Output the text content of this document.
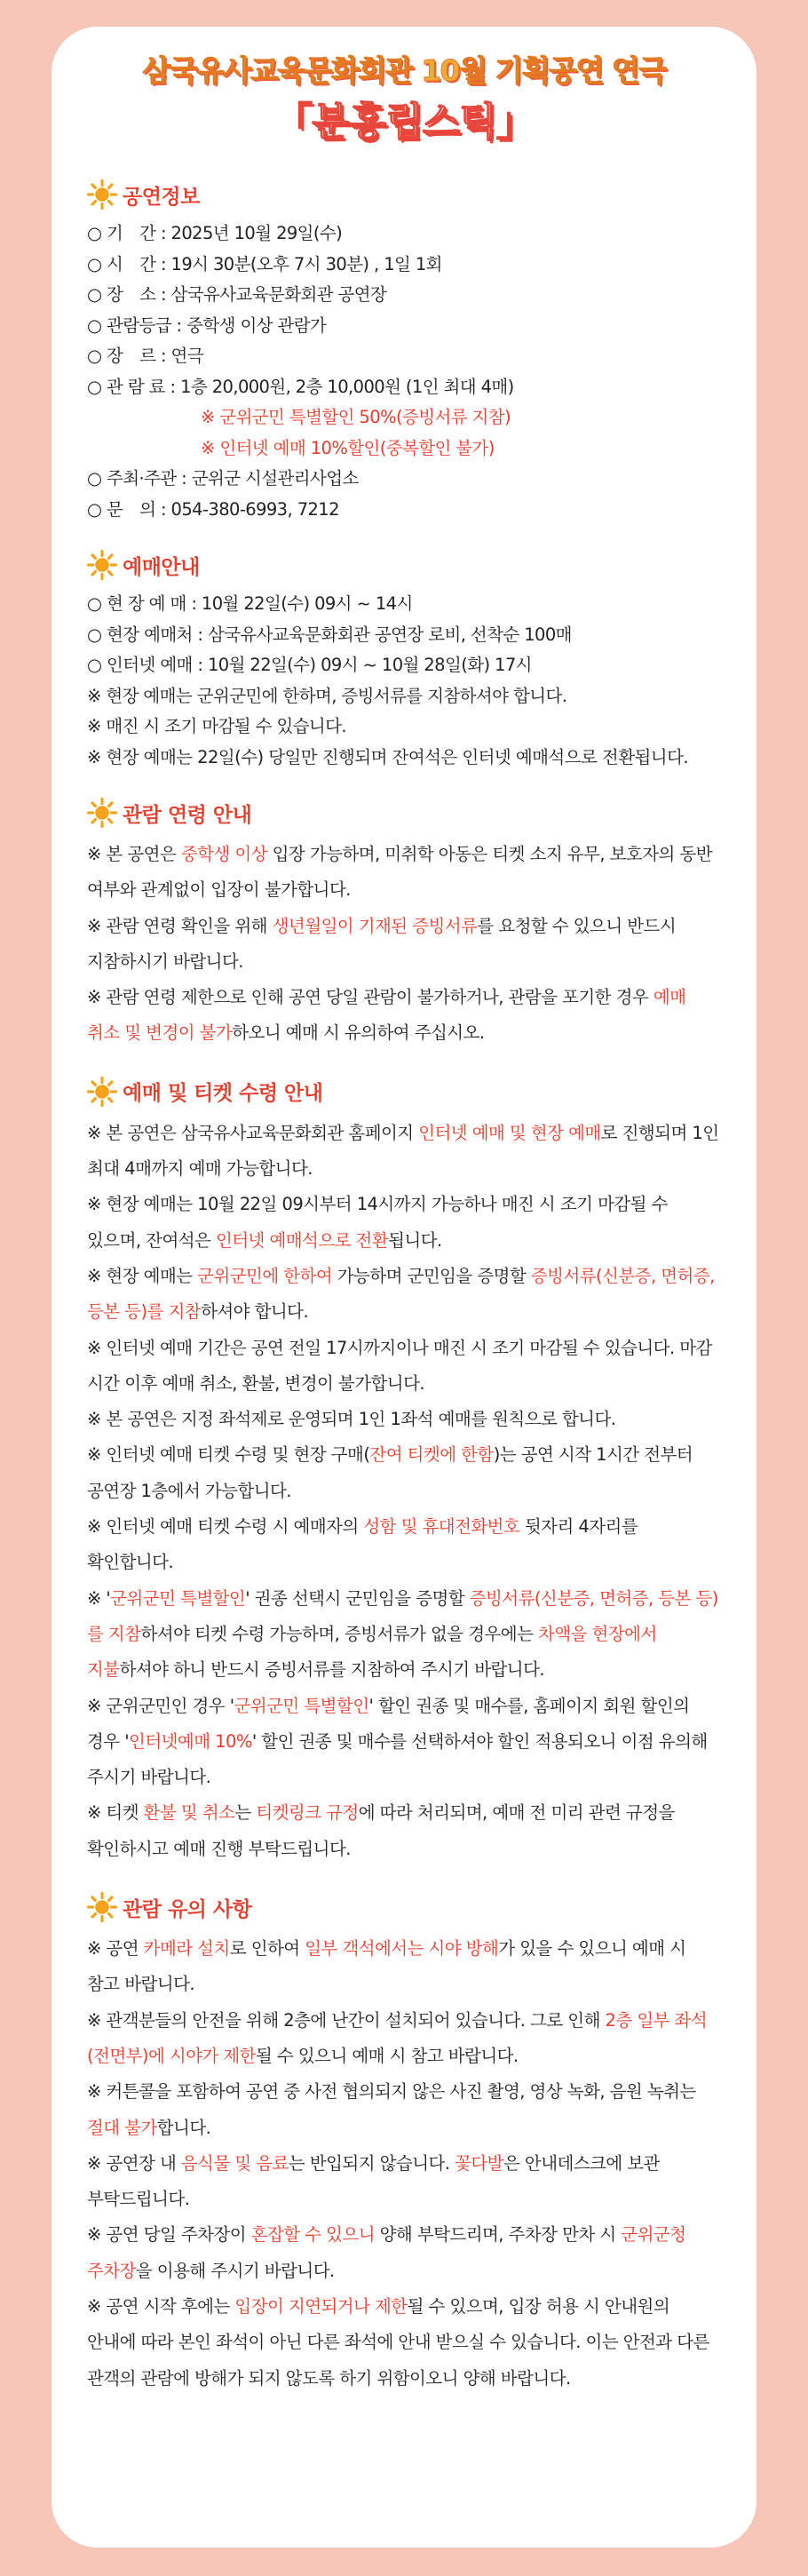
삼국유사교육문화회관 10월 기획공연 연극
「분홍립스틱」
공연정보
○ 기　간 : 2025년 10월 29일(수)
○ 시　간 : 19시 30분(오후 7시 30분) , 1일 1회
○ 장　소 : 삼국유사교육문화회관 공연장
○ 관람등급 : 중학생 이상 관람가
○ 장　르 : 연극
○ 관 람 료 : 1층 20,000원, 2층 10,000원 (1인 최대 4매)
※ 군위군민 특별할인 50%(증빙서류 지참)
※ 인터넷 예매 10%할인(중복할인 불가)
○ 주최·주관 : 군위군 시설관리사업소
○ 문　의 : 054-380-6993, 7212
예매안내
○ 현 장 예 매 : 10월 22일(수) 09시 ~ 14시
○ 현장 예매처 : 삼국유사교육문화회관 공연장 로비, 선착순 100매
○ 인터넷 예매 : 10월 22일(수) 09시 ~ 10월 28일(화) 17시
※ 현장 예매는 군위군민에 한하며, 증빙서류를 지참하셔야 합니다.
※ 매진 시 조기 마감될 수 있습니다.
※ 현장 예매는 22일(수) 당일만 진행되며 잔여석은 인터넷 예매석으로 전환됩니다.
관람 연령 안내

※ 본 공연은 중학생 이상 입장 가능하며, 미취학 아동은 티켓 소지 유무, 보호자의 동반 여부와 관계없이 입장이 불가합니다.

※ 관람 연령 확인을 위해 생년월일이 기재된 증빙서류를 요청할 수 있으니 반드시 지참하시기 바랍니다.

※ 관람 연령 제한으로 인해 공연 당일 관람이 불가하거나, 관람을 포기한 경우 예매 취소 및 변경이 불가하오니 예매 시 유의하여 주십시오.

예매 및 티켓 수령 안내

※ 본 공연은 삼국유사교육문화회관 홈페이지 인터넷 예매 및 현장 예매로 진행되며 1인 최대 4매까지 예매 가능합니다.

※ 현장 예매는 10월 22일 09시부터 14시까지 가능하나 매진 시 조기 마감될 수 있으며, 잔여석은 인터넷 예매석으로 전환됩니다.

※ 현장 예매는 군위군민에 한하여 가능하며 군민임을 증명할 증빙서류(신분증, 면허증, 등본 등)를 지참하셔야 합니다.

※ 인터넷 예매 기간은 공연 전일 17시까지이나 매진 시 조기 마감될 수 있습니다. 마감 시간 이후 예매 취소, 환불, 변경이 불가합니다.

※ 본 공연은 지정 좌석제로 운영되며 1인 1좌석 예매를 원칙으로 합니다.

※ 인터넷 예매 티켓 수령 및 현장 구매(잔여 티켓에 한함)는 공연 시작 1시간 전부터 공연장 1층에서 가능합니다.

※ 인터넷 예매 티켓 수령 시 예매자의 성함 및 휴대전화번호 뒷자리 4자리를 확인합니다.

※ '군위군민 특별할인' 권종 선택시 군민임을 증명할 증빙서류(신분증, 면허증, 등본 등)를 지참하셔야 티켓 수령 가능하며, 증빙서류가 없을 경우에는 차액을 현장에서 지불하셔야 하니 반드시 증빙서류를 지참하여 주시기 바랍니다.

※ 군위군민인 경우 '군위군민 특별할인' 할인 권종 및 매수를, 홈페이지 회원 할인의 경우 '인터넷예매 10%' 할인 권종 및 매수를 선택하셔야 할인 적용되오니 이점 유의해 주시기 바랍니다.

※ 티켓 환불 및 취소는 티켓링크 규정에 따라 처리되며, 예매 전 미리 관련 규정을 확인하시고 예매 진행 부탁드립니다.

관람 유의 사항

※ 공연 카메라 설치로 인하여 일부 객석에서는 시야 방해가 있을 수 있으니 예매 시 참고 바랍니다.

※ 관객분들의 안전을 위해 2층에 난간이 설치되어 있습니다. 그로 인해 2층 일부 좌석(전면부)에 시야가 제한될 수 있으니 예매 시 참고 바랍니다.

※ 커튼콜을 포함하여 공연 중 사전 협의되지 않은 사진 촬영, 영상 녹화, 음원 녹취는 절대 불가합니다.

※ 공연장 내 음식물 및 음료는 반입되지 않습니다. 꽃다발은 안내데스크에 보관 부탁드립니다.

※ 공연 당일 주차장이 혼잡할 수 있으니 양해 부탁드리며, 주차장 만차 시 군위군청 주차장을 이용해 주시기 바랍니다.

※ 공연 시작 후에는 입장이 지연되거나 제한될 수 있으며, 입장 허용 시 안내원의 안내에 따라 본인 좌석이 아닌 다른 좌석에 안내 받으실 수 있습니다. 이는 안전과 다른 관객의 관람에 방해가 되지 않도록 하기 위함이오니 양해 바랍니다.
